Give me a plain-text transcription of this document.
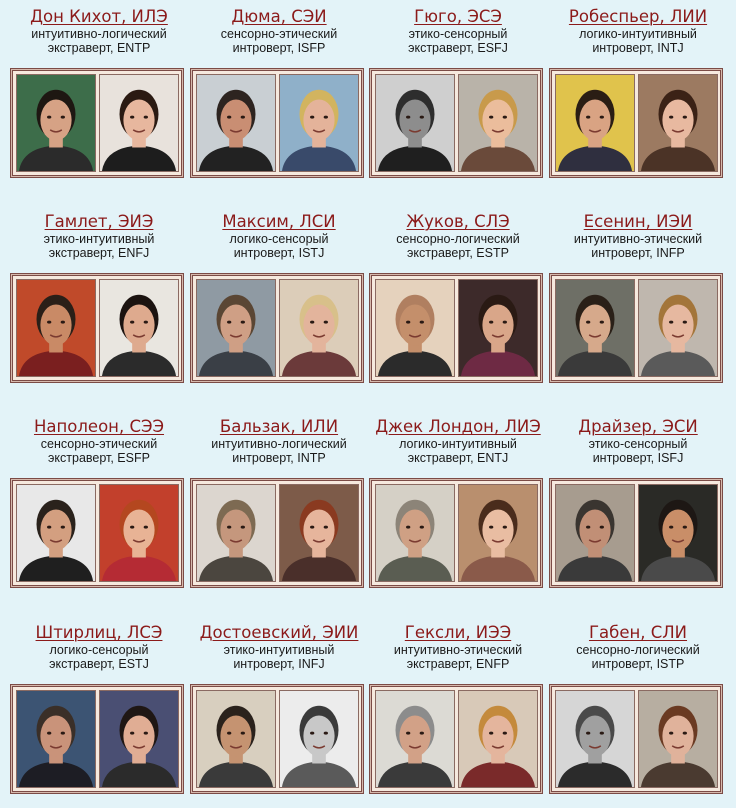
Дон Кихот, ИЛЭ
интуитивно-логический
экстраверт, ENTP
Дюма, СЭИ
сенсорно-этический
интроверт, ISFP
Гюго, ЭСЭ
этико-сенсорный
экстраверт, ESFJ
Робеспьер, ЛИИ
логико-интуитивный
интроверт, INTJ
Гамлет, ЭИЭ
этико-интуитивный
экстраверт, ENFJ
Максим, ЛСИ
логико-сенсорый
интроверт, ISTJ
Жуков, СЛЭ
сенсорно-логический
экстраверт, ESTP
Есенин, ИЭИ
интуитивно-этический
интроверт, INFP
Наполеон, СЭЭ
сенсорно-этический
экстраверт, ESFP
Бальзак, ИЛИ
интуитивно-логический
интроверт, INTP
Джек Лондон, ЛИЭ
логико-интуитивный
экстраверт, ENTJ
Драйзер, ЭСИ
этико-сенсорный
интроверт, ISFJ
Штирлиц, ЛСЭ
логико-сенсорый
экстраверт, ESTJ
Достоевский, ЭИИ
этико-интуитивный
интроверт, INFJ
Гексли, ИЭЭ
интуитивно-этический
экстраверт, ENFP
Габен, СЛИ
сенсорно-логический
интроверт, ISTP
